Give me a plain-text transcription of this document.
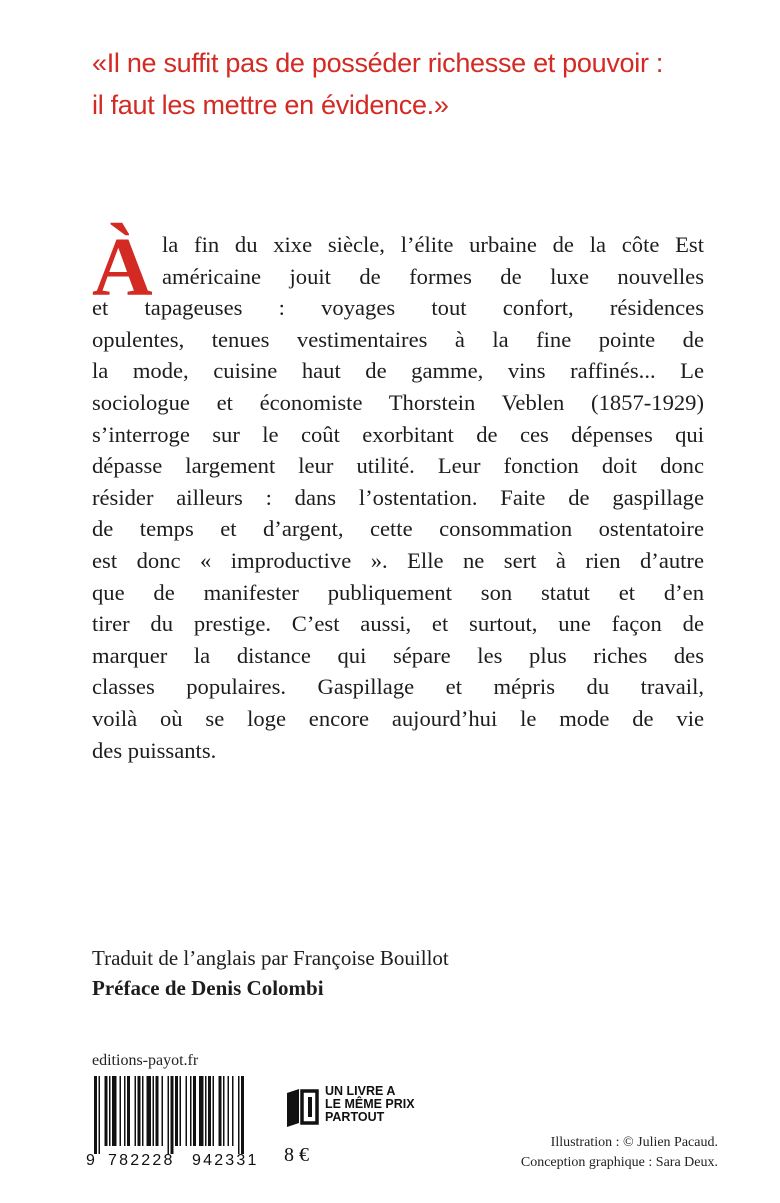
«Il ne suffit pas de posséder richesse et pouvoir :
il faut les mettre en évidence.»
À la fin du xixe siècle, l’élite urbaine de la côte Est
américaine jouit de formes de luxe nouvelles
et tapageuses : voyages tout confort, résidences
opulentes, tenues vestimentaires à la fine pointe de
la mode, cuisine haut de gamme, vins raffinés... Le
sociologue et économiste Thorstein Veblen (1857-1929)
s’interroge sur le coût exorbitant de ces dépenses qui
dépasse largement leur utilité. Leur fonction doit donc
résider ailleurs : dans l’ostentation. Faite de gaspillage
de temps et d’argent, cette consommation ostentatoire
est donc « improductive ». Elle ne sert à rien d’autre
que de manifester publiquement son statut et d’en
tirer du prestige. C’est aussi, et surtout, une façon de
marquer la distance qui sépare les plus riches des
classes populaires. Gaspillage et mépris du travail,
voilà où se loge encore aujourd’hui le mode de vie
des puissants.
Traduit de l’anglais par Françoise Bouillot
Préface de Denis Colombi
editions-payot.fr
9 782228 942331 8 €
UN LIVRE A
LE MÊME PRIX
PARTOUT
Illustration : © Julien Pacaud.
Conception graphique : Sara Deux.
